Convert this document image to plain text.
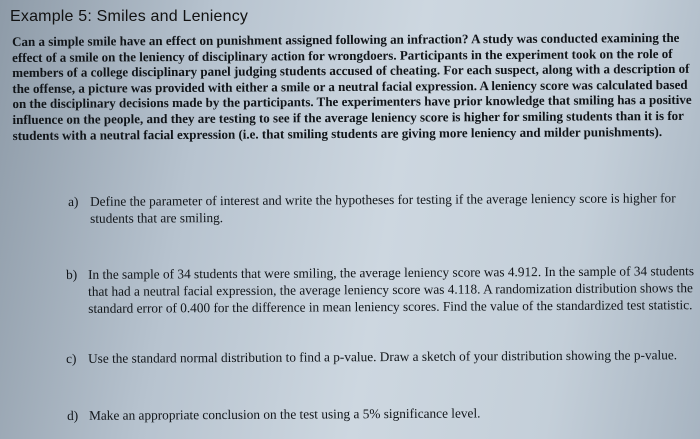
Example 5: Smiles and Leniency
Can a simple smile have an effect on punishment assigned following an infraction? A study was conducted examining the effect of a smile on the leniency of disciplinary action for wrongdoers. Participants in the experiment took on the role of members of a college disciplinary panel judging students accused of cheating. For each suspect, along with a description of the offense, a picture was provided with either a smile or a neutral facial expression. A leniency score was calculated based on the disciplinary decisions made by the participants. The experimenters have prior knowledge that smiling has a positive influence on the people, and they are testing to see if the average leniency score is higher for smiling students than it is for students with a neutral facial expression (i.e. that smiling students are giving more leniency and milder punishments).
a) Define the parameter of interest and write the hypotheses for testing if the average leniency score is higher for students that are smiling.
b) In the sample of 34 students that were smiling, the average leniency score was 4.912. In the sample of 34 students that had a neutral facial expression, the average leniency score was 4.118. A randomization distribution shows the standard error of 0.400 for the difference in mean leniency scores. Find the value of the standardized test statistic.
c) Use the standard normal distribution to find a p-value. Draw a sketch of your distribution showing the p-value.
d) Make an appropriate conclusion on the test using a 5% significance level.
